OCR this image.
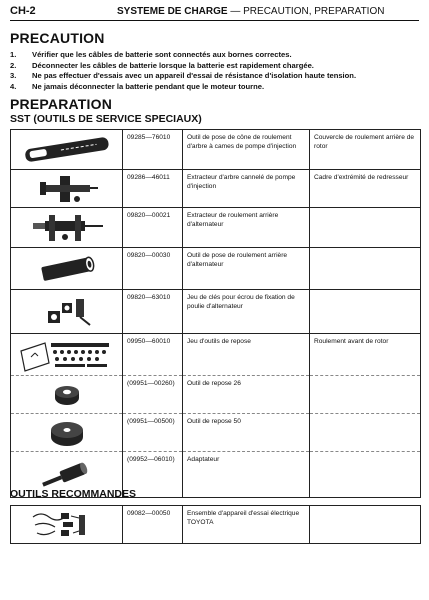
CH-2	SYSTEME DE CHARGE — PRECAUTION, PREPARATION
PRECAUTION
1. Vérifier que les câbles de batterie sont connectés aux bornes correctes.
2. Déconnecter les câbles de batterie lorsque la batterie est rapidement chargée.
3. Ne pas effectuer d'essais avec un appareil d'essai de résistance d'isolation haute tension.
4. Ne jamais déconnecter la batterie pendant que le moteur tourne.
PREPARATION
SST (OUTILS DE SERVICE SPECIAUX)
	09285—76010	Outil de pose de cône de roulement d'arbre à cames de pompe d'injection	Couvercle de roulement arrière de rotor

	09286—46011	Extracteur d'arbre cannelé de pompe d'injection	Cadre d'extrémité de redresseur

	09820—00021	Extracteur de roulement arrière d'alternateur	

	09820—00030	Outil de pose de roulement arrière d'alternateur	

	09820—63010	Jeu de clés pour écrou de fixation de poulie d'alternateur	

	09950—60010	Jeu d'outils de repose	Roulement avant de rotor

	(09951—00260)	Outil de repose 26	

	(09951—00500)	Outil de repose 50	

	(09952—06010)	Adaptateur	
OUTILS RECOMMANDES
	09082—00050	Ensemble d'appareil d'essai électrique TOYOTA	
